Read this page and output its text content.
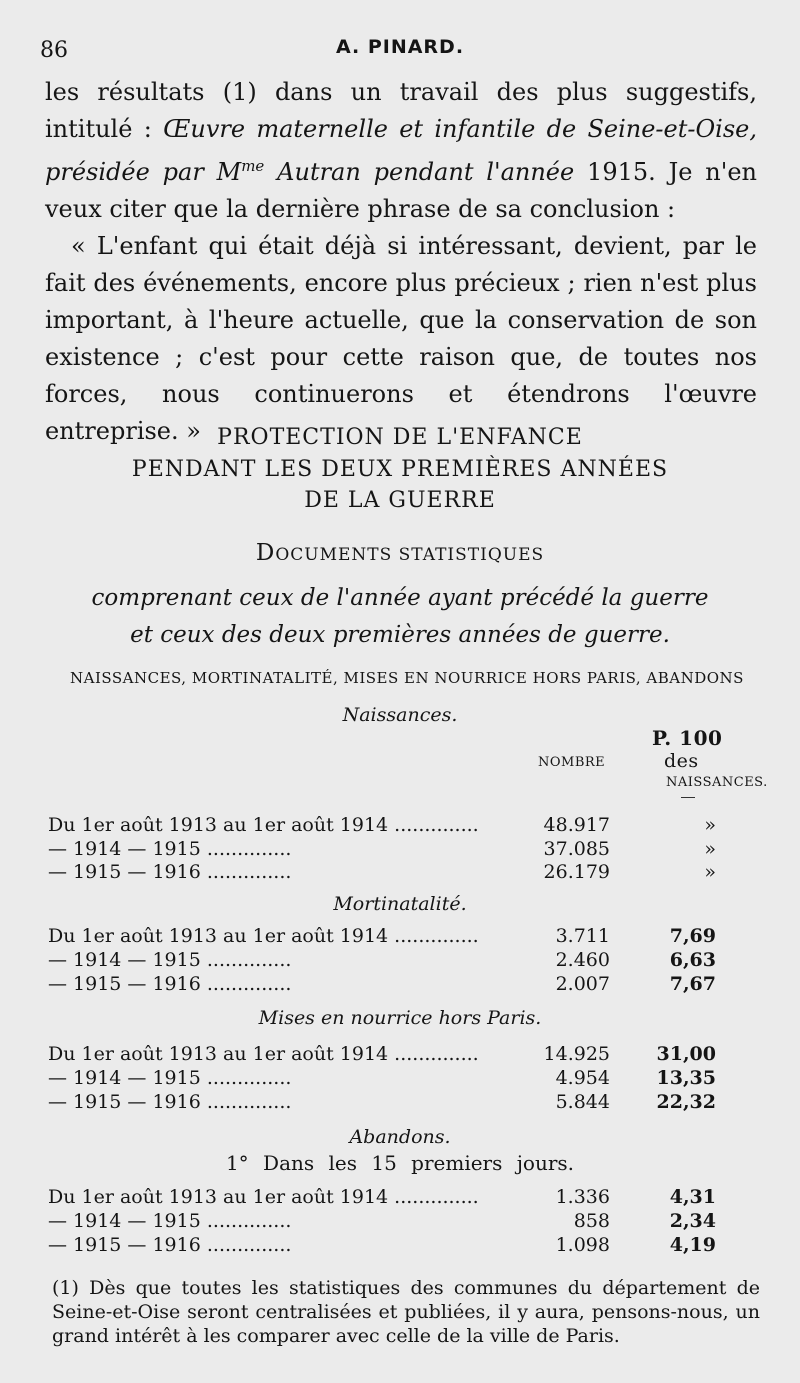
86	A. PINARD.

les résultats (1) dans un travail des plus suggestifs, intitulé : Œuvre maternelle et infantile de Seine-et-Oise, présidée par $M^{me}$ Autran pendant l'année 1915. Je n'en veux citer que la dernière phrase de sa conclusion :

« L'enfant qui était déjà si intéressant, devient, par le fait des événements, encore plus précieux ; rien n'est plus important, à l'heure actuelle, que la conservation de son existence ; c'est pour cette raison que, de toutes nos forces, nous continuerons et étendrons l'œuvre entreprise. » PROTECTION DE L'ENFANCE
PENDANT LES DEUX PREMIÈRES ANNÉES
DE LA GUERRE
DOCUMENTS STATISTIQUES
comprenant ceux de l'année ayant précédé la guerre
et ceux des deux premières années de guerre.
NAISSANCES, MORTINATALITÉ, MISES EN NOURRICE HORS PARIS, ABANDONS
Naissances.
P. 100
NOMBRE	des
NAISSANCES.
Du 1er août 1913 au 1er août 1914 ..............	48.917	»
— 1914 — 1915 ..............	37.085	»
— 1915 — 1916 ..............	26.179	»
Mortinatalité.
Du 1er août 1913 au 1er août 1914 ..............	3.711	7,69
— 1914 — 1915 ..............	2.460	6,63
— 1915 — 1916 ..............	2.007	7,67
Mises en nourrice hors Paris.
Du 1er août 1913 au 1er août 1914 ..............	14.925 31,00
— 1914 — 1915 ..............	4.954 13,35
— 1915 — 1916 ..............	5.844 22,32
Abandons.
1° Dans les 15 premiers jours.
Du 1er août 1913 au 1er août 1914 ..............	1.336	4,31
— 1914 — 1915 ..............	858	2,34
— 1915 — 1916 ..............	1.098	4,19
(1) Dès que toutes les statistiques des communes du département de Seine-et-Oise seront centralisées et publiées, il y aura, pensons-nous, un grand intérêt à les comparer avec celle de la ville de Paris.
